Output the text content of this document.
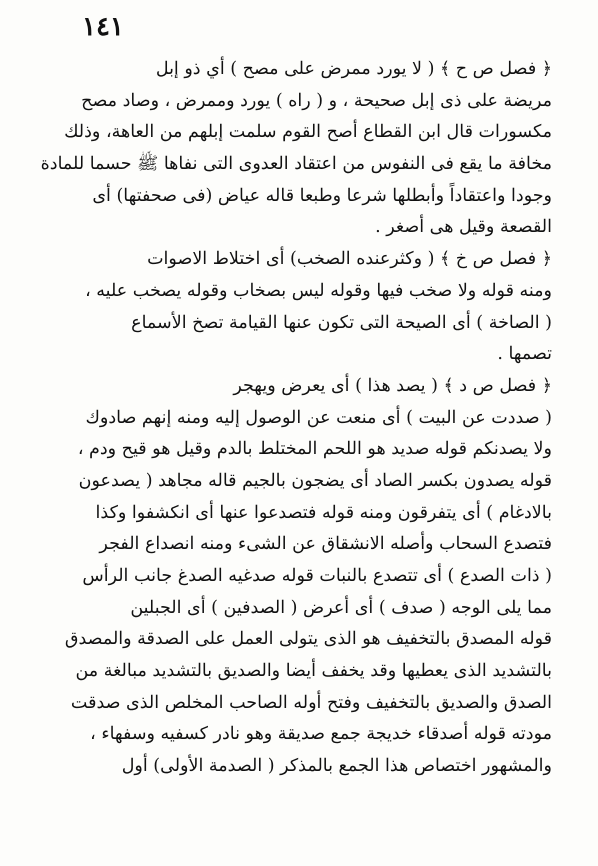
١٤١
﴿ فصل ص ح ﴾ ( لا يورد ممرض على مصح ) أي ذو إبل
مريضة على ذى إبل صحيحة ، و ( راه ) يورد وممرض ، وصاد مصح
مكسورات قال ابن القطاع أصح القوم سلمت إبلهم من العاهة، وذلك
مخافة ما يقع فى النفوس من اعتقاد العدوى التى نفاها ﷺ حسما للمادة
وجودا واعتقاداً وأبطلها شرعا وطبعا قاله عياض (فى صحفتها) أى
القصعة وقيل هى أصغر .
﴿ فصل ص خ ﴾ ( وكثرعنده الصخب) أى اختلاط الاصوات
ومنه قوله ولا صخب فيها وقوله ليس بصخاب وقوله يصخب عليه ،
( الصاخة ) أى الصيحة التى تكون عنها القيامة تصخ الأسماع
تصمها .
﴿ فصل ص د ﴾ ( يصد هذا ) أى يعرض ويهجر
( صددت عن البيت ) أى منعت عن الوصول إليه ومنه إنهم صادوك
ولا يصدنكم قوله صديد هو اللحم المختلط بالدم وقيل هو قيح ودم ،
قوله يصدون بكسر الصاد أى يضجون بالجيم قاله مجاهد ( يصدعون
بالادغام ) أى يتفرقون ومنه قوله فتصدعوا عنها أى انكشفوا وكذا
فتصدع السحاب وأصله الانشقاق عن الشىء ومنه انصداع الفجر
( ذات الصدع ) أى تتصدع بالنبات قوله صدغيه الصدغ جانب الرأس
مما يلى الوجه ( صدف ) أى أعرض ( الصدفين ) أى الجبلين
قوله المصدق بالتخفيف هو الذى يتولى العمل على الصدقة والمصدق
بالتشديد الذى يعطيها وقد يخفف أيضا والصديق بالتشديد مبالغة من
الصدق والصديق بالتخفيف وفتح أوله الصاحب المخلص الذى صدقت
مودته قوله أصدقاء خديجة جمع صديقة وهو نادر كسفيه وسفهاء ،
والمشهور اختصاص هذا الجمع بالمذكر ( الصدمة الأولى) أول
